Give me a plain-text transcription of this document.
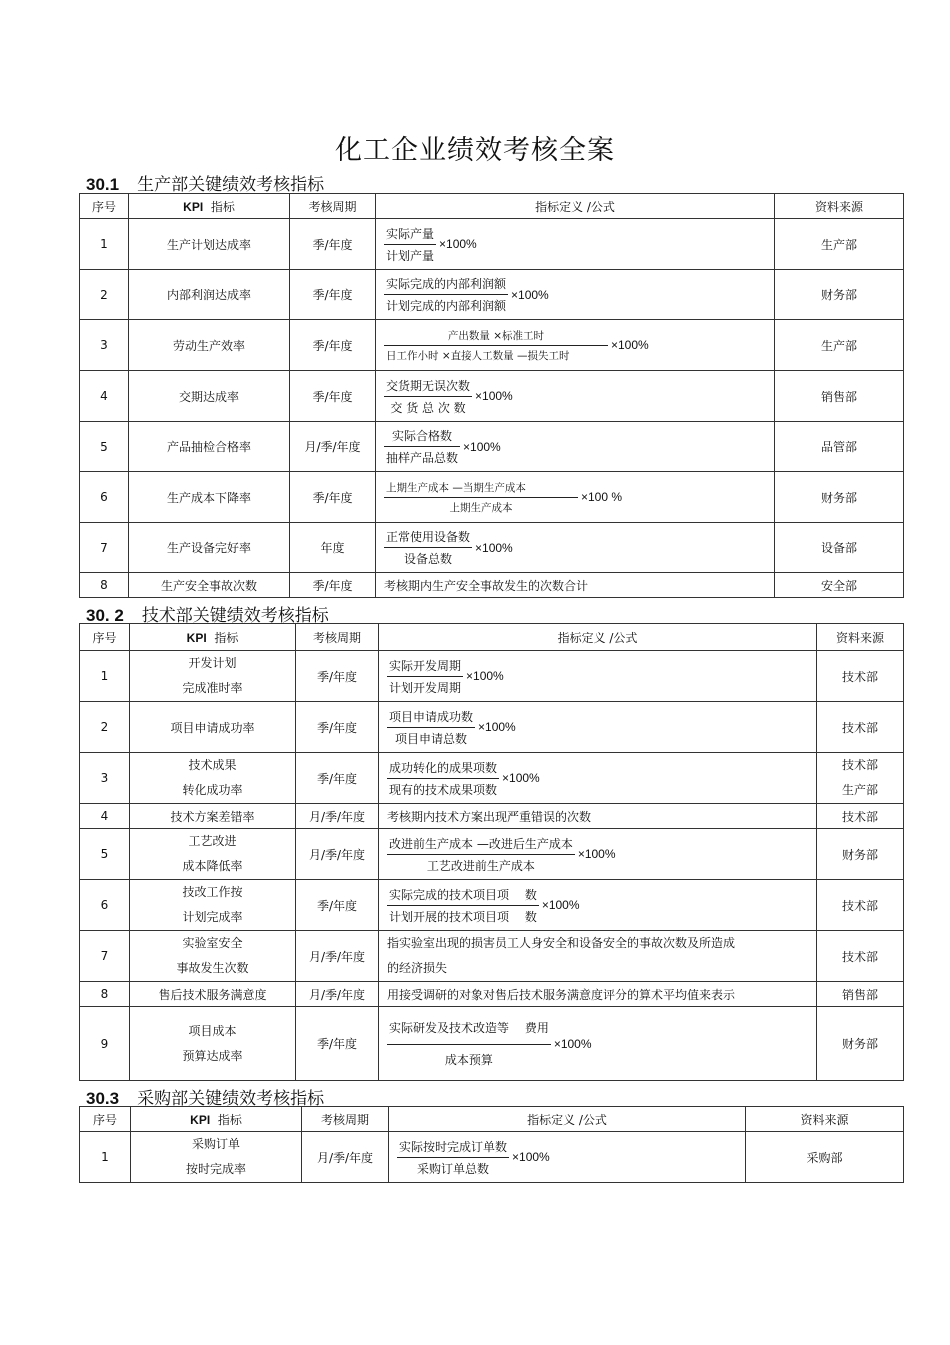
化工企业绩效考核全案
30.1 生产部关键绩效考核指标
序号	KPI 指标	考核周期	指标定义 /公式	资料来源
1	生产计划达成率	季/年度	实际产量
计划产量
×100%	生产部
2	内部利润达成率	季/年度	实际完成的内部利润额
计划完成的内部利润额
×100%	财务部
3	劳动生产效率	季/年度	产出数量 ×标准工时
日工作小时 ×直接人工数量 —损失工时
×100%	生产部
4	交期达成率	季/年度	交货期无误次数
交 货 总 次 数
×100%	销售部
5	产品抽检合格率	月/季/年度	实际合格数
抽样产品总数
×100%	品管部
6	生产成本下降率	季/年度	上期生产成本 —当期生产成本
上期生产成本
×100 %	财务部
7	生产设备完好率	年度	正常使用设备数
设备总数
×100%	设备部
8	生产安全事故次数	季/年度	考核期内生产安全事故发生的次数合计	安全部
30. 2 技术部关键绩效考核指标
序号	KPI 指标	考核周期	指标定义 /公式	资料来源
1	开发计划
完成准时率	季/年度	实际开发周期
计划开发周期
×100%	技术部
2	项目申请成功率	季/年度	项目申请成功数
项目申请总数
×100%	技术部
3	技术成果
转化成功率	季/年度	成功转化的成果项数
现有的技术成果项数
×100%	技术部
生产部
4	技术方案差错率	月/季/年度	考核期内技术方案出现严重错误的次数	技术部
5	工艺改进
成本降低率	月/季/年度	改进前生产成本 —改进后生产成本
工艺改进前生产成本
×100%	财务部
6	技改工作按
计划完成率	季/年度	实际完成的技术项目项　 数
计划开展的技术项目项　 数
×100%	技术部
7	实验室安全
事故发生次数	月/季/年度	指实验室出现的损害员工人身安全和设备安全的事故次数及所造成
的经济损失	技术部
8	售后技术服务满意度	月/季/年度	用接受调研的对象对售后技术服务满意度评分的算术平均值来表示	销售部
9	项目成本
预算达成率	季/年度	实际研发及技术改造等　 费用
成本预算
×100%	财务部
30.3 采购部关键绩效考核指标
序号	KPI 指标	考核周期	指标定义 /公式	资料来源
1	采购订单
按时完成率	月/季/年度	实际按时完成订单数
采购订单总数
×100%	采购部
